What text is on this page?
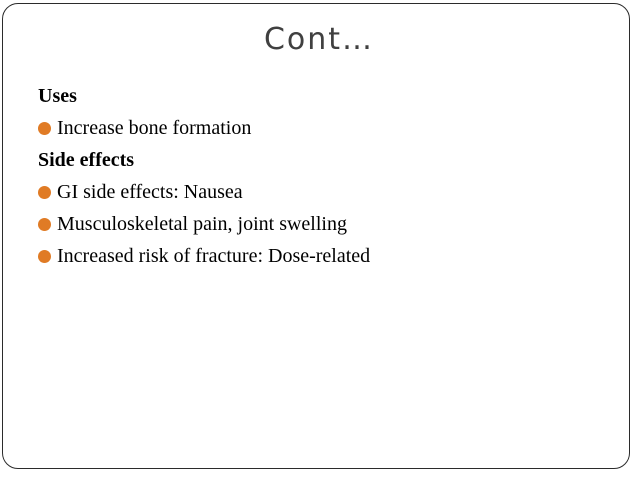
Cont…
Uses
Increase bone formation
Side effects
GI side effects: Nausea
Musculoskeletal pain, joint swelling
Increased risk of fracture: Dose-related
